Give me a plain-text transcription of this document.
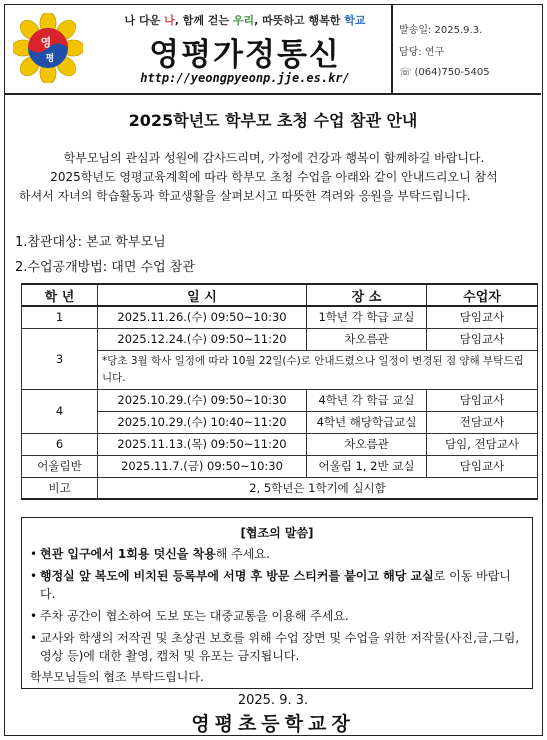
영
평
나 다운 나, 함께 걷는 우리, 따뜻하고 행복한 학교
영평가정통신
http://yeongpyeonp.jje.es.kr/
발송일: 2025.9.3.
담당: 연구
☏ (064)750-5405
2025학년도 학부모 초청 수업 참관 안내

학부모님의 관심과 성원에 감사드리며, 가정에 건강과 행복이 함께하길 바랍니다.

2025학년도 영평교육계획에 따라 학부모 초청 수업을 아래와 같이 안내드리오니 참석

하셔서 자녀의 학습활동과 학교생활을 살펴보시고 따뜻한 격려와 응원을 부탁드립니다.

1.참관대상: 본교 학부모님
2.수업공개방법: 대면 수업 참관
학 년	일 시	장 소	수업자
1	2025.11.26.(수) 09:50~10:30	1학년 각 학급 교실	담임교사
3	2025.12.24.(수) 09:50~11:20	차오름관	담임교사
	*당초 3월 학사 일정에 따라 10월 22일(수)로 안내드렸으나 일정이 변경된 점 양해 부탁드립니다.		
4	2025.10.29.(수) 09:50~10:30	4학년 각 학급 교실	담임교사
	2025.10.29.(수) 10:40~11:20	4학년 해당학급교실	전담교사
6	2025.11.13.(목) 09:50~11:20	차오름관	담임, 전담교사
어울림반	2025.11.7.(금) 09:50~10:30	어울림 1, 2반 교실	담임교사
비고	2, 5학년은 1학기에 실시함		
[협조의 말씀]
• 현관 입구에서 1회용 덧신을 착용해 주세요.
• 행정실 앞 복도에 비치된 등록부에 서명 후 방문 스티커를 붙이고 해당 교실로 이동 바랍니다.
• 주차 공간이 협소하여 도보 또는 대중교통을 이용해 주세요.
• 교사와 학생의 저작권 및 초상권 보호를 위해 수업 장면 및 수업을 위한 저작물(사진,글,그림,영상 등)에 대한 촬영, 캡처 및 유포는 금지됩니다.
학부모님들의 협조 부탁드립니다.
2025. 9. 3.
영평초등학교장
